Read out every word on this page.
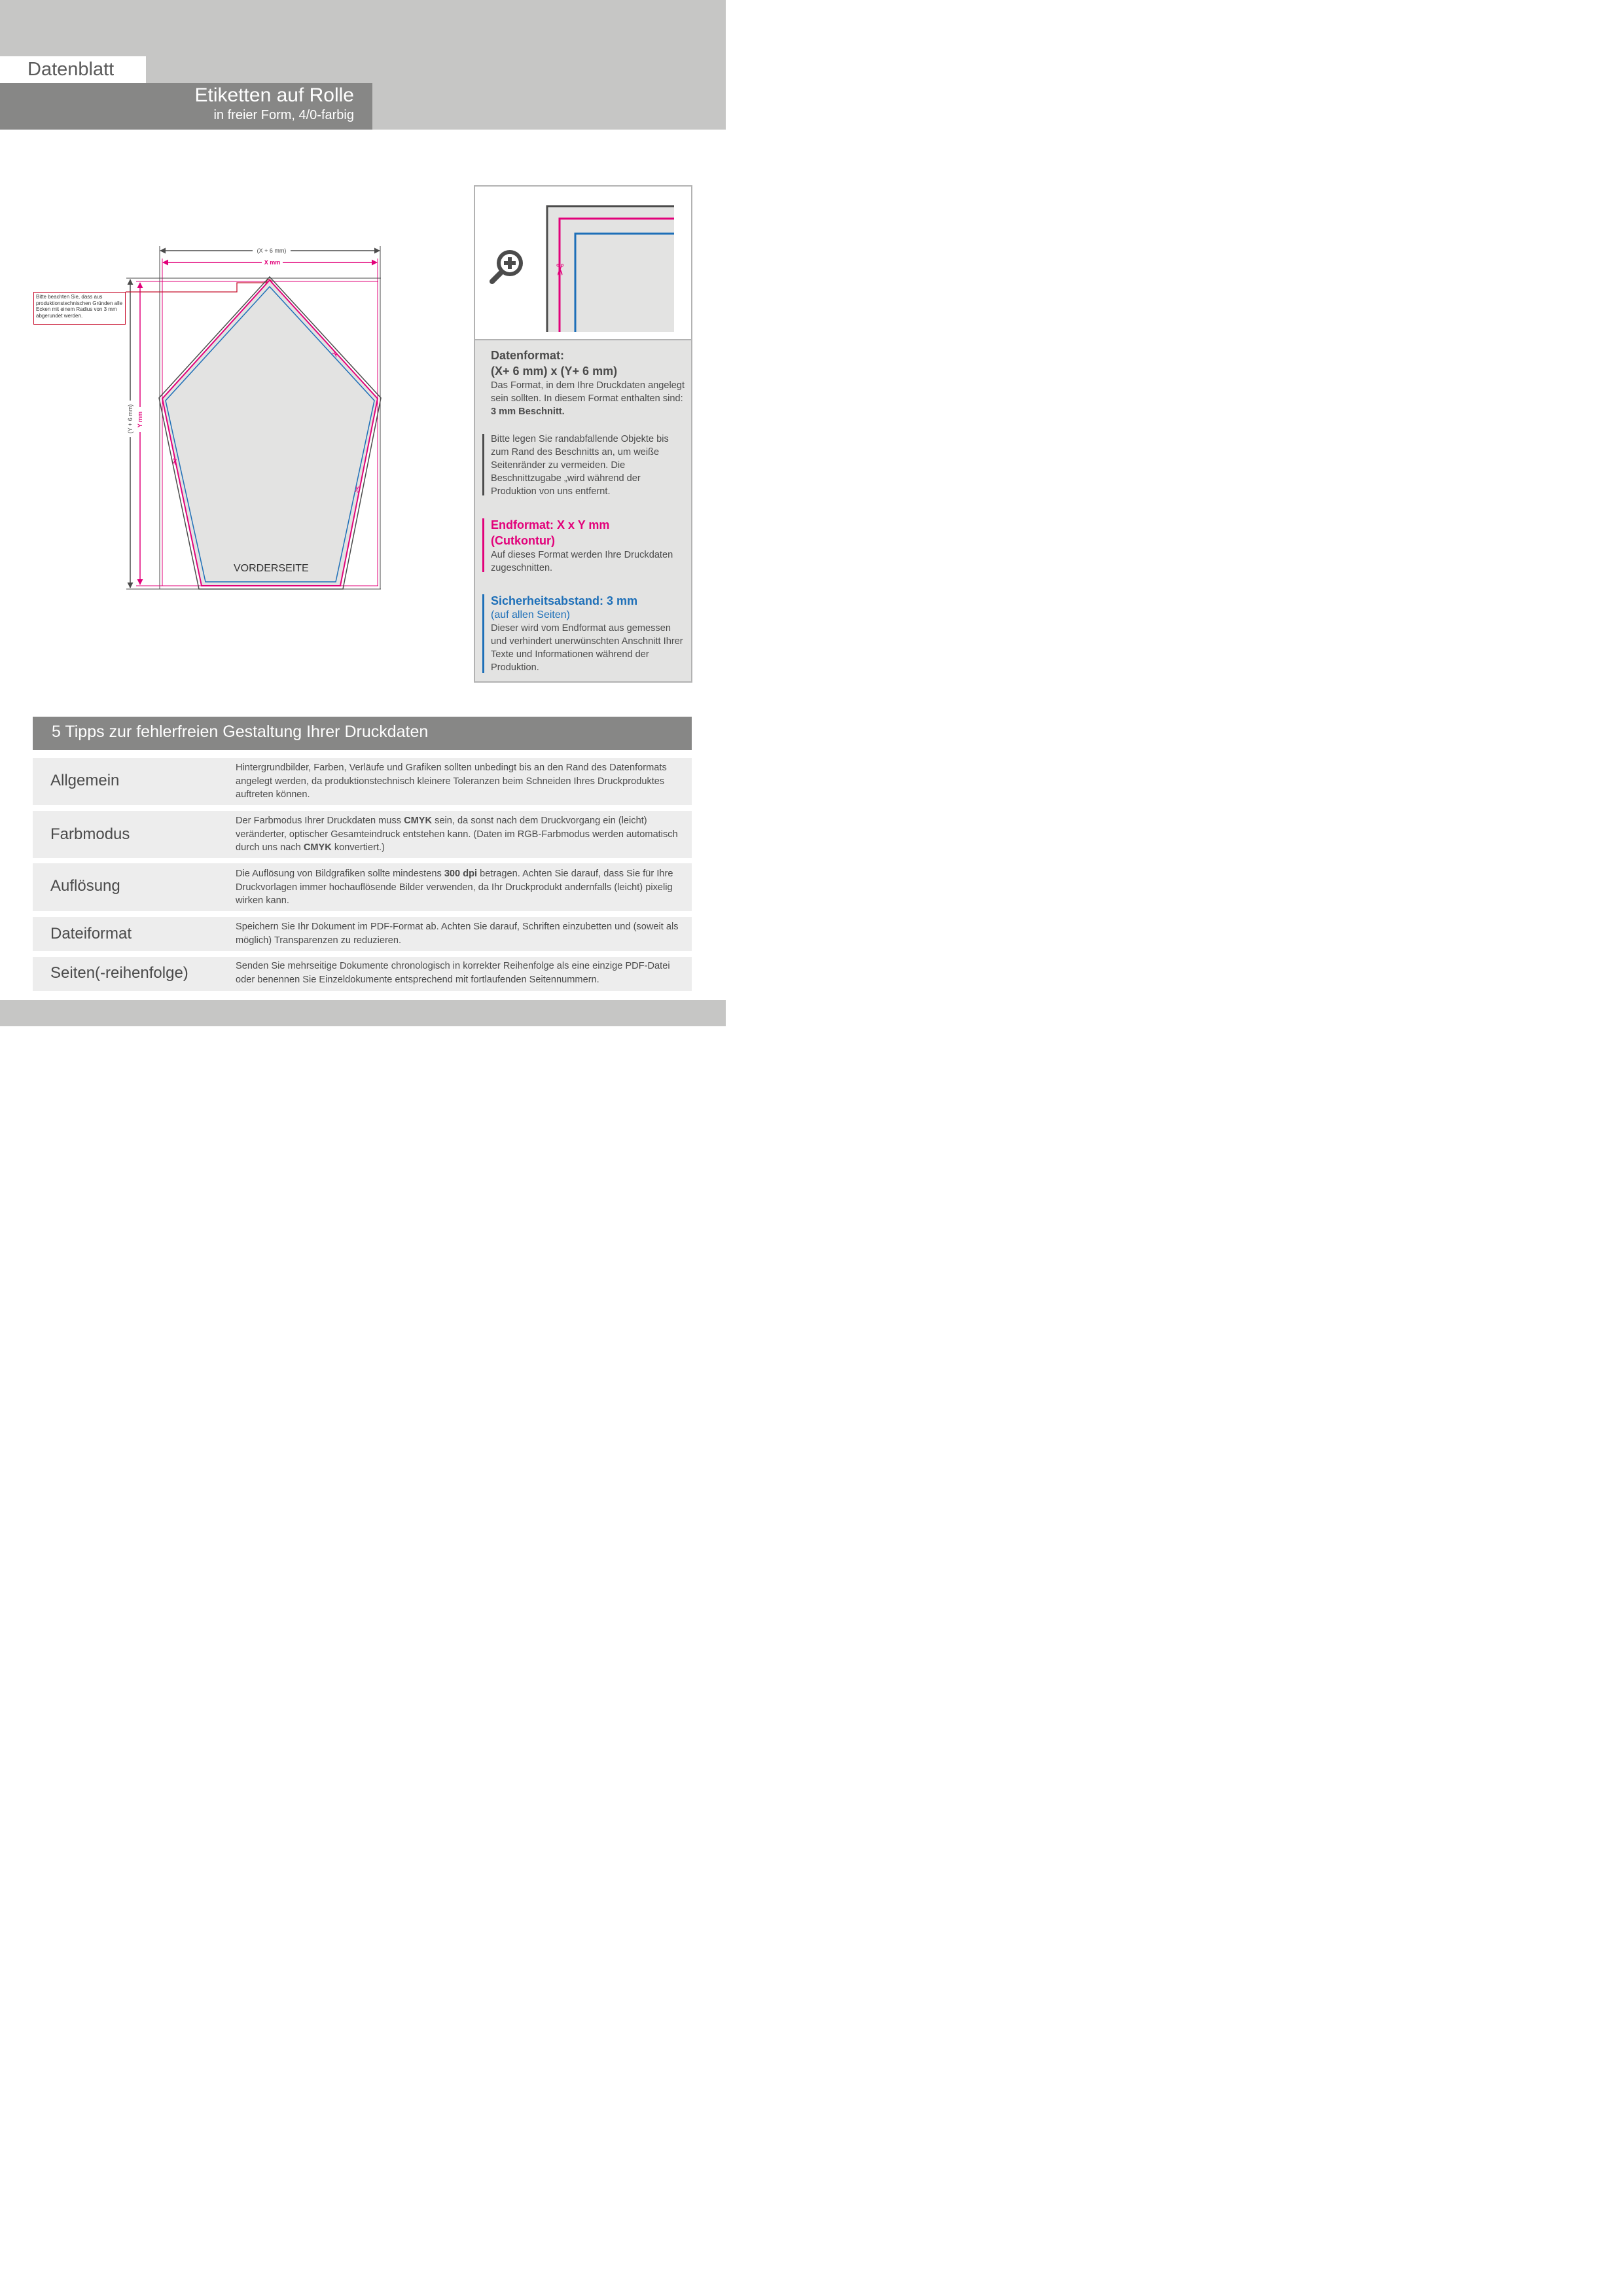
Datenblatt
Etiketten auf Rolle
in freier Form, 4/0-farbig
(X + 6 mm)
X mm
(Y + 6 mm) Y mm
✂
✂
✂
Bitte beachten Sie, dass aus produktionstechnischen Gründen alle Ecken mit einem Radius von 3 mm abgerundet werden.
VORDERSEITE
✂
Datenformat:
(X+ 6 mm) x (Y+ 6 mm)

Das Format, in dem Ihre Druckdaten angelegt sein sollten. In diesem Format enthalten sind: 3 mm Beschnitt.

Bitte legen Sie randabfallende Objekte bis zum Rand des Beschnitts an, um weiße Seitenränder zu vermeiden. Die Beschnittzugabe „wird während der Produktion von uns entfernt.

Endformat: X x Y mm
(Cutkontur)

Auf dieses Format werden Ihre Druckdaten zugeschnitten.

Sicherheitsabstand: 3 mm
(auf allen Seiten)

Dieser wird vom Endformat aus gemessen und verhindert unerwünschten Anschnitt Ihrer Texte und Informationen während der Produktion.

5 Tipps zur fehlerfreien Gestaltung Ihrer Druckdaten
Allgemein
Hintergrundbilder, Farben, Verläufe und Grafiken sollten unbedingt bis an den Rand des Datenformats angelegt werden, da produktionstechnisch kleinere Toleranzen beim Schneiden Ihres Druckproduktes auftreten können.
Farbmodus
Der Farbmodus Ihrer Druckdaten muss CMYK sein, da sonst nach dem Druckvorgang ein (leicht) veränderter, optischer Gesamteindruck entstehen kann. (Daten im RGB-Farbmodus werden automatisch durch uns nach CMYK konvertiert.)
Auflösung
Die Auflösung von Bildgrafiken sollte mindestens 300 dpi betragen. Achten Sie darauf, dass Sie für Ihre Druckvorlagen immer hochauflösende Bilder verwenden, da Ihr Druckprodukt andernfalls (leicht) pixelig wirken kann.
Dateiformat	Speichern Sie Ihr Dokument im PDF-Format ab. Achten Sie darauf, Schriften einzubetten und (soweit als möglich) Transparenzen zu reduzieren.
Seiten(-reihenfolge)	Senden Sie mehrseitige Dokumente chronologisch in korrekter Reihenfolge als eine einzige PDF-Datei oder benennen Sie Einzeldokumente entsprechend mit fortlaufenden Seitennummern.
